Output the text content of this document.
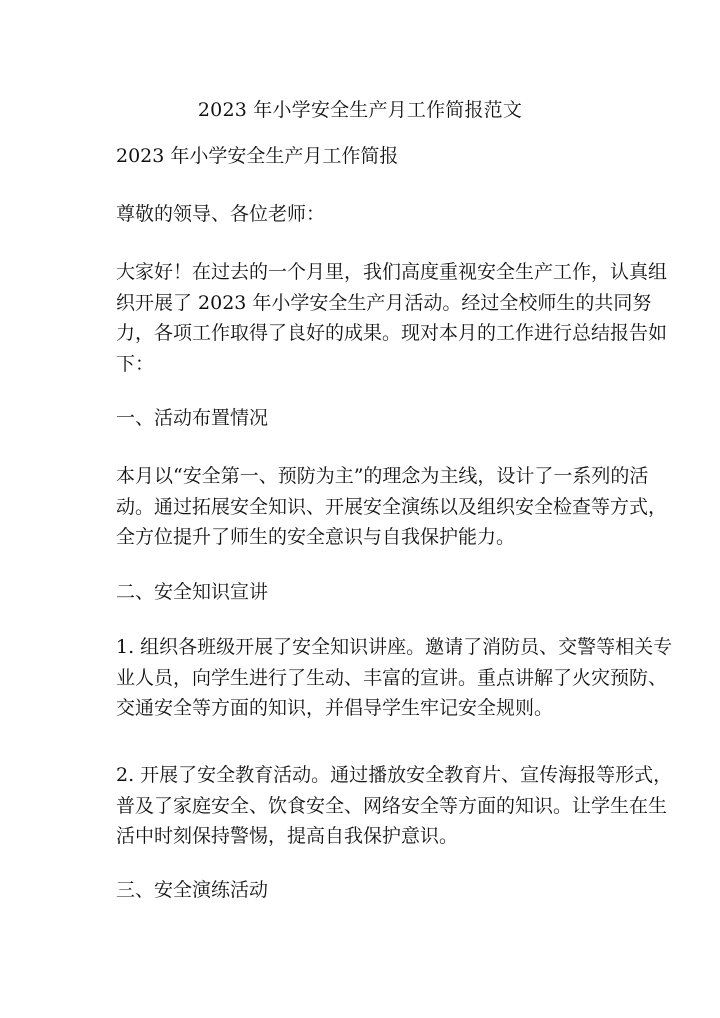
2023 年小学安全生产月工作简报范文

2023 年小学安全生产月工作简报

尊敬的领导、各位老师：

大家好！在过去的一个月里，我们高度重视安全生产工作，认真组织开展了 2023 年小学安全生产月活动。经过全校师生的共同努力，各项工作取得了良好的成果。现对本月的工作进行总结报告如下：

一、活动布置情况

本月以“安全第一、预防为主”的理念为主线，设计了一系列的活动。通过拓展安全知识、开展安全演练以及组织安全检查等方式，全方位提升了师生的安全意识与自我保护能力。

二、安全知识宣讲

1. 组织各班级开展了安全知识讲座。邀请了消防员、交警等相关专业人员，向学生进行了生动、丰富的宣讲。重点讲解了火灾预防、交通安全等方面的知识，并倡导学生牢记安全规则。

2. 开展了安全教育活动。通过播放安全教育片、宣传海报等形式，普及了家庭安全、饮食安全、网络安全等方面的知识。让学生在生活中时刻保持警惕，提高自我保护意识。

三、安全演练活动
